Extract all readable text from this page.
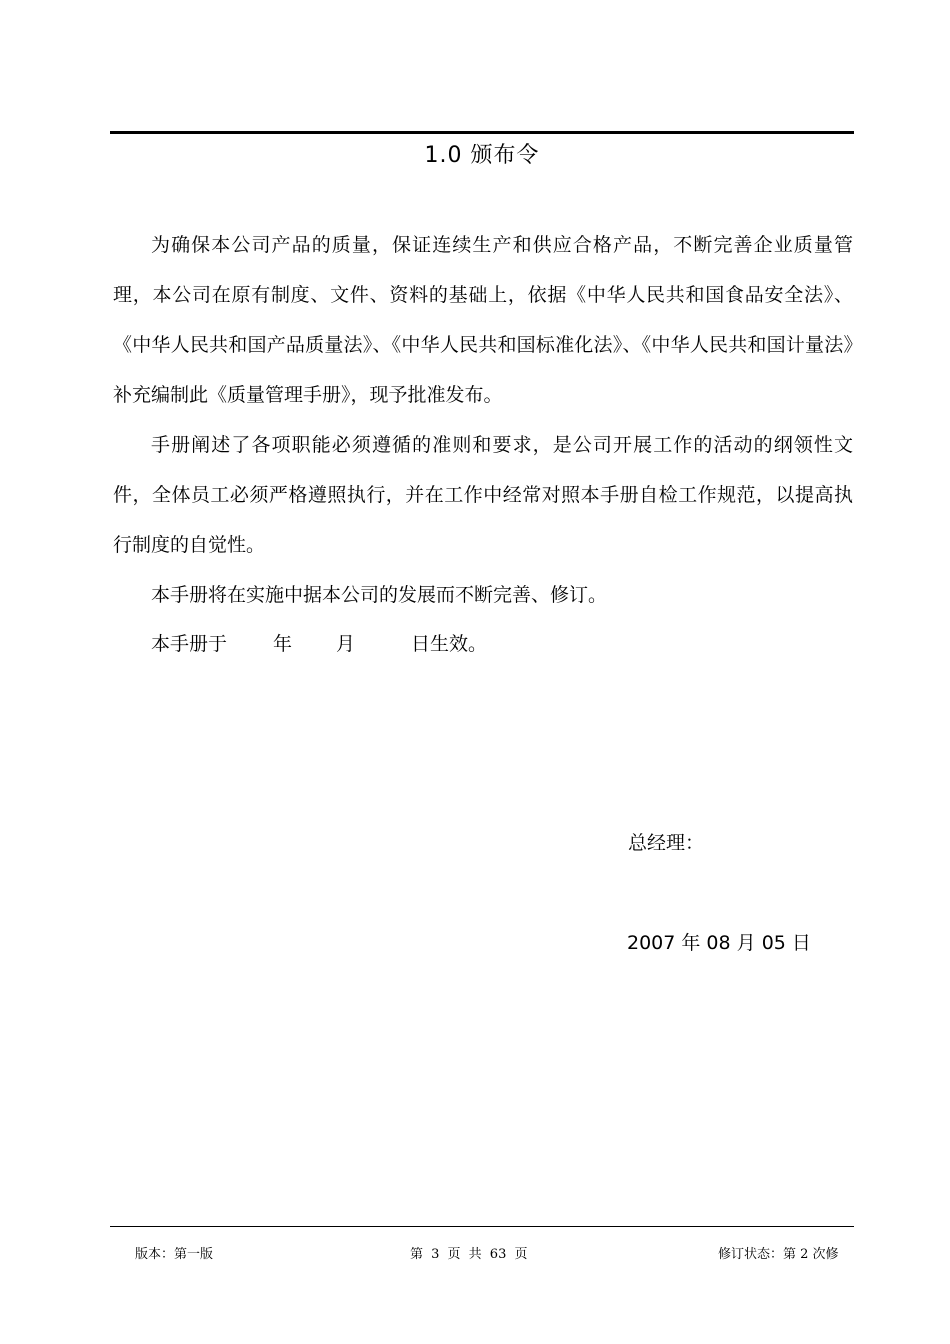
1.0 颁布令

为确保本公司产品的质量，保证连续生产和供应合格产品，不断完善企业质量管理，本公司在原有制度、文件、资料的基础上，依据《中华人民共和国食品安全法》、《中华人民共和国产品质量法》、《中华人民共和国标准化法》、《中华人民共和国计量法》补充编制此《质量管理手册》，现予批准发布。

手册阐述了各项职能必须遵循的准则和要求，是公司开展工作的活动的纲领性文件，全体员工必须严格遵照执行，并在工作中经常对照本手册自检工作规范，以提高执行制度的自觉性。

本手册将在实施中据本公司的发展而不断完善、修订。

本手册于 年 月	日生效。

总经理：
2007 年 08 月 05 日
版本：第一版	第 3 页 共 63 页	修订状态：第 2 次修
